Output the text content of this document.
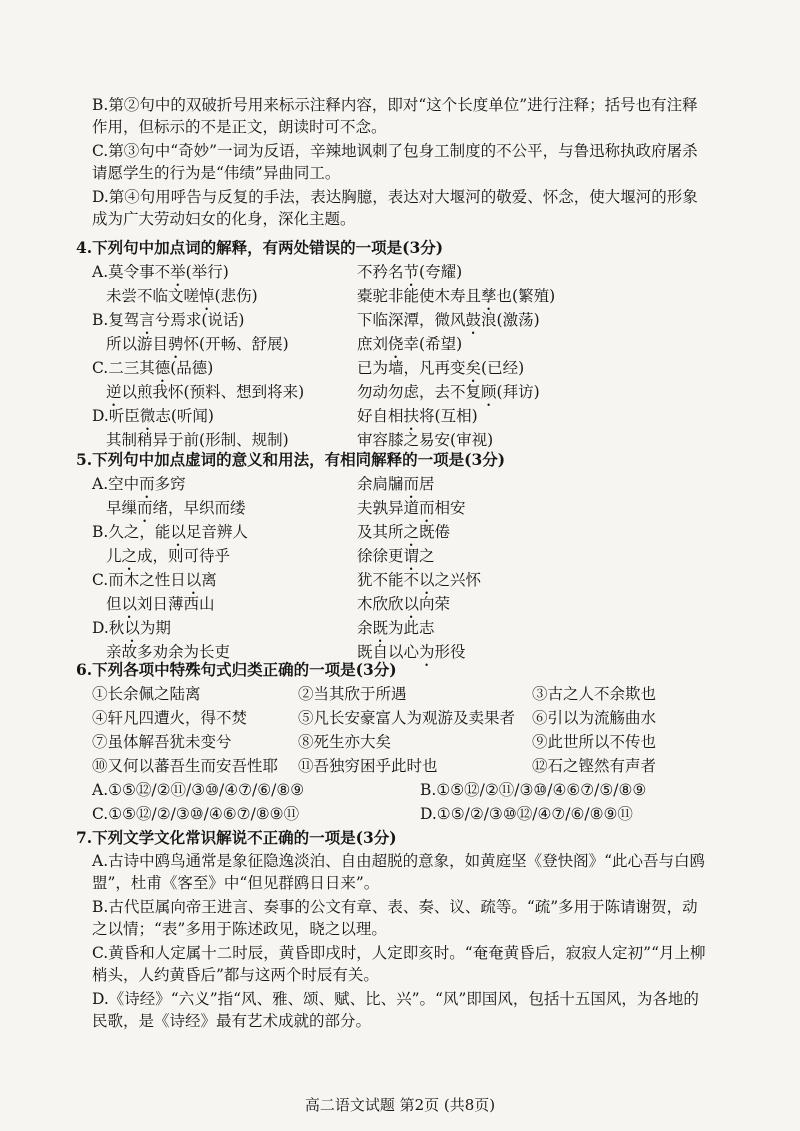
B.第②句中的双破折号用来标示注释内容，即对“这个长度单位”进行注释；括号也有注释作用，但标示的不是正文，朗读时可不念。
C.第③句中“奇妙”一词为反语，辛辣地讽刺了包身工制度的不公平，与鲁迅称执政府屠杀请愿学生的行为是“伟绩”异曲同工。
D.第④句用呼告与反复的手法，表达胸臆，表达对大堰河的敬爱、怀念，使大堰河的形象成为广大劳动妇女的化身，深化主题。
4.下列句中加点词的解释，有两处错误的一项是(3分)
A.莫令事不举(举行)	不矜名节(夸耀)
未尝不临文嗟悼(悲伤)	橐驼非能使木寿且孳也(繁殖)
B.复驾言兮焉求(说话)	下临深潭，微风鼓浪(激荡)
所以游目骋怀(开畅、舒展)	庶刘侥幸(希望)
C.二三其德(品德)	已为墙，凡再变矣(已经)
逆以煎我怀(预料、想到将来)	勿动勿虑，去不复顾(拜访)
D.听臣微志(听闻)	好自相扶将(互相)
其制稍异于前(形制、规制)	审容膝之易安(审视)
5.下列句中加点虚词的意义和用法，有相同解释的一项是(3分)
A.空中而多窍	余扃牖而居
早缫而绪，早织而缕	夫孰异道而相安
B.久之，能以足音辨人	及其所之既倦
儿之成，则可待乎	徐徐更谓之
C.而木之性日以离	犹不能不以之兴怀
但以刘日薄西山	木欣欣以向荣
D.秋以为期	余既为此志
亲故多劝余为长吏	既自以心为形役
6.下列各项中特殊句式归类正确的一项是(3分)
①长余佩之陆离	②当其欣于所遇	③古之人不余欺也
④轩凡四遭火，得不焚	⑤凡长安豪富人为观游及卖果者 ⑥引以为流觞曲水
⑦虽体解吾犹未变兮	⑧死生亦大矣	⑨此世所以不传也
⑩又何以蕃吾生而安吾性耶 ⑪吾独穷困乎此时也	⑫石之铿然有声者
A.①⑤⑫/②⑪/③⑩/④⑦/⑥/⑧⑨	B.①⑤⑫/②⑪/③⑩/④⑥⑦/⑤/⑧⑨
C.①⑤⑫/②/③⑩/④⑥⑦/⑧⑨⑪	D.①⑤/②/③⑩⑫/④⑦/⑥/⑧⑨⑪
7.下列文学文化常识解说不正确的一项是(3分)
A.古诗中鸥鸟通常是象征隐逸淡泊、自由超脱的意象，如黄庭坚《登快阁》“此心吾与白鸥盟”，杜甫《客至》中“但见群鸥日日来”。
B.古代臣属向帝王进言、奏事的公文有章、表、奏、议、疏等。“疏”多用于陈请谢贺，动之以情；“表”多用于陈述政见，晓之以理。
C.黄昏和人定属十二时辰，黄昏即戌时，人定即亥时。“奄奄黄昏后，寂寂人定初”“月上柳梢头，人约黄昏后”都与这两个时辰有关。
D.《诗经》“六义”指“风、雅、颂、赋、比、兴”。“风”即国风，包括十五国风，为各地的民歌，是《诗经》最有艺术成就的部分。
高二语文试题 第2页 (共8页)
